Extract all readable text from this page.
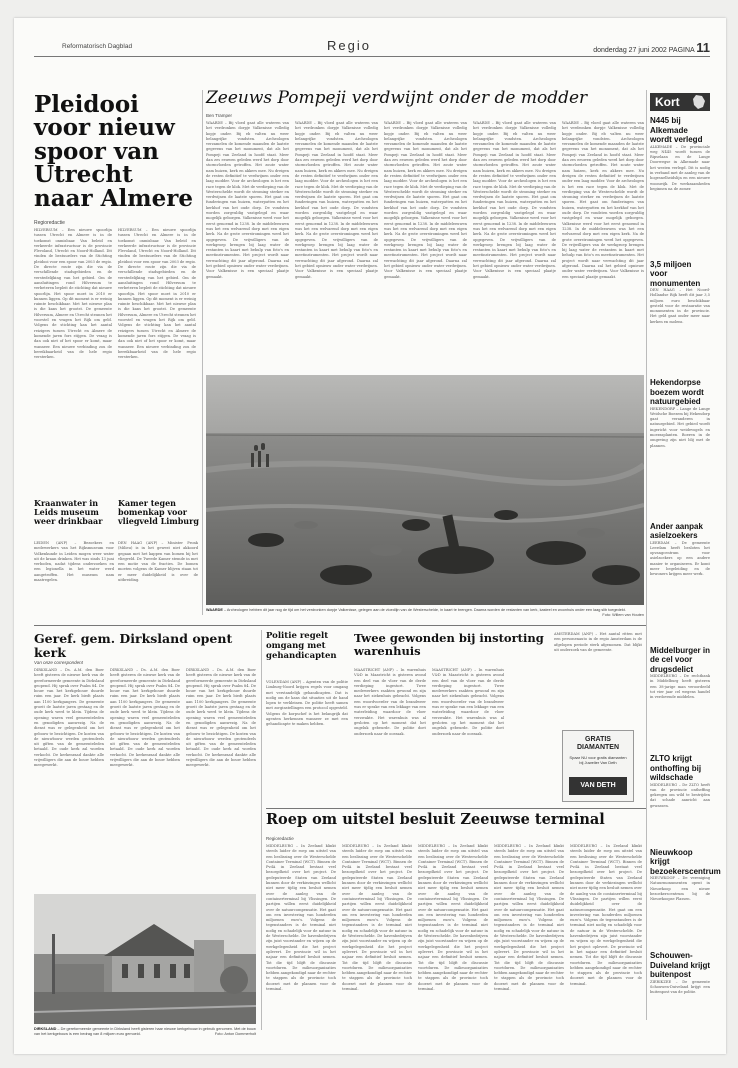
Reformatorisch Dagblad	Regio	donderdag 27 juni 2002 PAGINA 11
Pleidooi voor nieuw spoor van Utrecht naar Almere
Regioredactie

HILVERSUM – Een nieuwe spoorlijn tussen Utrecht en Almere is in de toekomst onmisbaar. Van beleid en verkeerde infrastructuur is de provincie Flevoland, Utrecht en Noord-Holland. Dit vinden de bestuurders van de Stichting pleidooi voor een spoor van 2003 de regio. De directe route zijn die via de verschillende stadsgebieden en de verstedelijking van het gebied. Om de aansluitingen rond Hilversum te verbeteren bepleit de stichting dat nieuwe spoorlijn. Het spoor moet in 2010 er kunnen liggen. Op dit moment is er weinig ruimte beschikbaar. Met het nieuwe plan is die kans het grootst. De gemeente Hilversum, Almere en Utrecht steunen het voorstel en vragen het Rijk om geld. Volgens de stichting kan het aantal reizigers tussen Utrecht en Almere de komende jaren fors stijgen. De vraag is dan ook niet of het spoor er komt, maar wanneer. Een nieuwe verbinding zou de bereikbaarheid van de hele regio versterken.

HILVERSUM – Een nieuwe spoorlijn tussen Utrecht en Almere is in de toekomst onmisbaar. Van beleid en verkeerde infrastructuur is de provincie Flevoland, Utrecht en Noord-Holland. Dit vinden de bestuurders van de Stichting pleidooi voor een spoor van 2003 de regio. De directe route zijn die via de verschillende stadsgebieden en de verstedelijking van het gebied. Om de aansluitingen rond Hilversum te verbeteren bepleit de stichting dat nieuwe spoorlijn. Het spoor moet in 2010 er kunnen liggen. Op dit moment is er weinig ruimte beschikbaar. Met het nieuwe plan is die kans het grootst. De gemeente Hilversum, Almere en Utrecht steunen het voorstel en vragen het Rijk om geld. Volgens de stichting kan het aantal reizigers tussen Utrecht en Almere de komende jaren fors stijgen. De vraag is dan ook niet of het spoor er komt, maar wanneer. Een nieuwe verbinding zou de bereikbaarheid van de hele regio versterken.

Kraanwater in Leids museum weer drinkbaar

LEIDEN (ANP) – Bezoekers en medewerkers van het Rijksmuseum voor Volkenkunde in Leiden mogen weer water uit de kraan drinken. Het was sinds 13 juni verboden, nadat tijdens onderzoeken en een legionella in het water werd aangetroffen. Het museum nam maatregelen.

Kamer tegen bomenkap voor vliegveld Limburg

DEN HAAG (ANP) – Minister Pronk (Milieu) is in het gewest niet akkoord gegaan met het kappen van bomen bij het vliegveld. De Tweede Kamer stemde in met een motie van de fracties. De bomen moeten volgens de Kamer blijven staan tot er meer duidelijkheid is over de uitbreiding.

Zeeuws Pompeji verdwijnt onder de modder
Ben Tramper

WAARDE – Bij vloed gaat alle wateren van het verdronken dorpje Valkenisse volledig kopje onder. Bij eb valten nu weer belangrijke vondsten. Archeologen verzamelen de komende maanden de laatste gegevens van het monument, dat als het Pompeji van Zeeland in hoofd staat. Meer dan zes eeuwen geleden werd het dorp door stormvloeden getroffen. Het zoute water nam huizen, kerk en akkers mee. Nu dreigen de resten definitief te verdwijnen onder een laag modder. Voor de archeologen is het een race tegen de klok. Met de verdieping van de Westerschelde wordt de stroming sterker en verdwijnen de laatste sporen. Het gaat om funderingen van huizen, waterputten en het kerkhof van het oude dorp. De vondsten worden zorgvuldig vastgelegd en waar mogelijk geborgen. Valkenisse werd voor het eerst genoemd in 1238. In de middeleeuwen was het een welvarend dorp met een eigen kerk. Na de grote overstromingen werd het opgegeven. De vrijwilligers van de werkgroep brengen bij laag water de restanten in kaart met behulp van foto's en meetinstrumenten. Het project wordt naar verwachting dit jaar afgerond. Daarna zal het gebied opnieuw onder water verdwijnen. Voor Valkenisse is een speciaal plaatje gemaakt.

WAARDE – Bij vloed gaat alle wateren van het verdronken dorpje Valkenisse volledig kopje onder. Bij eb valten nu weer belangrijke vondsten. Archeologen verzamelen de komende maanden de laatste gegevens van het monument, dat als het Pompeji van Zeeland in hoofd staat. Meer dan zes eeuwen geleden werd het dorp door stormvloeden getroffen. Het zoute water nam huizen, kerk en akkers mee. Nu dreigen de resten definitief te verdwijnen onder een laag modder. Voor de archeologen is het een race tegen de klok. Met de verdieping van de Westerschelde wordt de stroming sterker en verdwijnen de laatste sporen. Het gaat om funderingen van huizen, waterputten en het kerkhof van het oude dorp. De vondsten worden zorgvuldig vastgelegd en waar mogelijk geborgen. Valkenisse werd voor het eerst genoemd in 1238. In de middeleeuwen was het een welvarend dorp met een eigen kerk. Na de grote overstromingen werd het opgegeven. De vrijwilligers van de werkgroep brengen bij laag water de restanten in kaart met behulp van foto's en meetinstrumenten. Het project wordt naar verwachting dit jaar afgerond. Daarna zal het gebied opnieuw onder water verdwijnen. Voor Valkenisse is een speciaal plaatje gemaakt.

WAARDE – Bij vloed gaat alle wateren van het verdronken dorpje Valkenisse volledig kopje onder. Bij eb valten nu weer belangrijke vondsten. Archeologen verzamelen de komende maanden de laatste gegevens van het monument, dat als het Pompeji van Zeeland in hoofd staat. Meer dan zes eeuwen geleden werd het dorp door stormvloeden getroffen. Het zoute water nam huizen, kerk en akkers mee. Nu dreigen de resten definitief te verdwijnen onder een laag modder. Voor de archeologen is het een race tegen de klok. Met de verdieping van de Westerschelde wordt de stroming sterker en verdwijnen de laatste sporen. Het gaat om funderingen van huizen, waterputten en het kerkhof van het oude dorp. De vondsten worden zorgvuldig vastgelegd en waar mogelijk geborgen. Valkenisse werd voor het eerst genoemd in 1238. In de middeleeuwen was het een welvarend dorp met een eigen kerk. Na de grote overstromingen werd het opgegeven. De vrijwilligers van de werkgroep brengen bij laag water de restanten in kaart met behulp van foto's en meetinstrumenten. Het project wordt naar verwachting dit jaar afgerond. Daarna zal het gebied opnieuw onder water verdwijnen. Voor Valkenisse is een speciaal plaatje gemaakt.

WAARDE – Bij vloed gaat alle wateren van het verdronken dorpje Valkenisse volledig kopje onder. Bij eb valten nu weer belangrijke vondsten. Archeologen verzamelen de komende maanden de laatste gegevens van het monument, dat als het Pompeji van Zeeland in hoofd staat. Meer dan zes eeuwen geleden werd het dorp door stormvloeden getroffen. Het zoute water nam huizen, kerk en akkers mee. Nu dreigen de resten definitief te verdwijnen onder een laag modder. Voor de archeologen is het een race tegen de klok. Met de verdieping van de Westerschelde wordt de stroming sterker en verdwijnen de laatste sporen. Het gaat om funderingen van huizen, waterputten en het kerkhof van het oude dorp. De vondsten worden zorgvuldig vastgelegd en waar mogelijk geborgen. Valkenisse werd voor het eerst genoemd in 1238. In de middeleeuwen was het een welvarend dorp met een eigen kerk. Na de grote overstromingen werd het opgegeven. De vrijwilligers van de werkgroep brengen bij laag water de restanten in kaart met behulp van foto's en meetinstrumenten. Het project wordt naar verwachting dit jaar afgerond. Daarna zal het gebied opnieuw onder water verdwijnen. Voor Valkenisse is een speciaal plaatje gemaakt.

WAARDE – Bij vloed gaat alle wateren van het verdronken dorpje Valkenisse volledig kopje onder. Bij eb valten nu weer belangrijke vondsten. Archeologen verzamelen de komende maanden de laatste gegevens van het monument, dat als het Pompeji van Zeeland in hoofd staat. Meer dan zes eeuwen geleden werd het dorp door stormvloeden getroffen. Het zoute water nam huizen, kerk en akkers mee. Nu dreigen de resten definitief te verdwijnen onder een laag modder. Voor de archeologen is het een race tegen de klok. Met de verdieping van de Westerschelde wordt de stroming sterker en verdwijnen de laatste sporen. Het gaat om funderingen van huizen, waterputten en het kerkhof van het oude dorp. De vondsten worden zorgvuldig vastgelegd en waar mogelijk geborgen. Valkenisse werd voor het eerst genoemd in 1238. In de middeleeuwen was het een welvarend dorp met een eigen kerk. Na de grote overstromingen werd het opgegeven. De vrijwilligers van de werkgroep brengen bij laag water de restanten in kaart met behulp van foto's en meetinstrumenten. Het project wordt naar verwachting dit jaar afgerond. Daarna zal het gebied opnieuw onder water verdwijnen. Voor Valkenisse is een speciaal plaatje gemaakt.

WAARDE – Archeologen hebben dit jaar nog de tijd om het verdronken dorpje Valkenisse, gelegen aan de vloedlijn van de Westerschelde, in kaart te brengen. Daarna worden de restanten van kerk, kasteel en woonhuis onder een laag slib toegedekt.
Foto: Willem van Houten
Kort
N445 bij Alkemade wordt verlegd
ALKEMADE – De provinciale weg N445 wordt tussen de Ripselaan en de Lange Doorwegse in Alkemade naar het westen verlegd. Dit is nodig in verband met de aanleg van de hogesnelheidslijn en een nieuwe woonwijk. De werkzaamheden beginnen na de zomer.
3,5 miljoen voor monumenten
DEN HAAG – Het Noord-Hollandse Rijk heeft dit jaar 3,5 miljoen euro beschikbaar gesteld voor de restauratie van monumenten in de provincie. Het geld gaat onder meer naar kerken en molens.
Hekendorpse boezem wordt natuurgebied
HEKENDORP – Lange de Lange Weidsche Boezem bij Hekendorp gaat veranderen in natuurgebied. Het gebied wordt ingericht voor weidevogels en moerasplanten. Boeren in de omgeving zijn niet blij met de plannen.
Ander aanpak asielzoekers
LEERDAM – De gemeente Leerdam heeft besloten het opvangcentrum voor asielzoekers op een andere manier te organiseren. Er komt meer begeleiding en de bewoners krijgen meer werk.
Middelburger in de cel voor drugsdelict
MIDDELBURG – De rechtbank in Middelburg heeft gisteren een 38-jarige man veroordeeld tot vier jaar cel wegens handel in verdovende middelen.
ZLTO krijgt onthoffing bij wildschade
MIDDELBURG – De ZLTO heeft van de provincie ontheffing gekregen om wild te bestrijden dat schade aanricht aan gewassen.
Nieuwkoop krijgt bezoekerscentrum
NIEUWKOOP – De vereniging Natuurmonumenten opent in Nieuwkoop een nieuw bezoekerscentrum bij de Nieuwkoopse Plassen.
Schouwen-Duiveland krijgt buitenpost
ZIERIKZEE – De gemeente Schouwen-Duiveland krijgt een buitenpost van de politie.
Geref. gem. Dirksland opent kerk
Van onze correspondent

DIRKSLAND – Ds. A.M. den Boer heeft gisteren de nieuwe kerk van de gereformeerde gemeente in Dirksland geopend. Hij sprak over Psalm 84. De bouw van het kerkgebouw duurde ruim een jaar. De kerk biedt plaats aan 1100 kerkgangers. De gemeente groeit de laatste jaren gestaag en de oude kerk werd te klein. Tijdens de opening waren veel gemeenteleden en genodigden aanwezig. Na de dienst was er gelegenheid om het gebouw te bezichtigen. De kosten van de nieuwbouw werden grotendeels uit giften van de gemeenteleden betaald. De oude kerk zal worden verkocht. De kerkenraad dankte alle vrijwilligers die aan de bouw hebben meegewerkt.

DIRKSLAND – Ds. A.M. den Boer heeft gisteren de nieuwe kerk van de gereformeerde gemeente in Dirksland geopend. Hij sprak over Psalm 84. De bouw van het kerkgebouw duurde ruim een jaar. De kerk biedt plaats aan 1100 kerkgangers. De gemeente groeit de laatste jaren gestaag en de oude kerk werd te klein. Tijdens de opening waren veel gemeenteleden en genodigden aanwezig. Na de dienst was er gelegenheid om het gebouw te bezichtigen. De kosten van de nieuwbouw werden grotendeels uit giften van de gemeenteleden betaald. De oude kerk zal worden verkocht. De kerkenraad dankte alle vrijwilligers die aan de bouw hebben meegewerkt.

DIRKSLAND – Ds. A.M. den Boer heeft gisteren de nieuwe kerk van de gereformeerde gemeente in Dirksland geopend. Hij sprak over Psalm 84. De bouw van het kerkgebouw duurde ruim een jaar. De kerk biedt plaats aan 1100 kerkgangers. De gemeente groeit de laatste jaren gestaag en de oude kerk werd te klein. Tijdens de opening waren veel gemeenteleden en genodigden aanwezig. Na de dienst was er gelegenheid om het gebouw te bezichtigen. De kosten van de nieuwbouw werden grotendeels uit giften van de gemeenteleden betaald. De oude kerk zal worden verkocht. De kerkenraad dankte alle vrijwilligers die aan de bouw hebben meegewerkt.

Politie regelt omgang met gehandicapten

VOLENDAM (ANP) – Agenten van de politie Limburg-Noord krijgen regels voor omgang met verstandelijk gehandicapten. Dat is nodig om de kans dat situaties uit de hand lopen te verkleinen. De politie heeft samen met zorginstellingen een protocol opgesteld. Volgens de korpschef is het belangrijk dat agenten herkennen wanneer ze met een gehandicapte te maken hebben.

Twee gewonden bij instorting warenhuis

MAASTRICHT (ANP) – In warenhuis V&D in Maastricht is gisteren avond een deel van de vloer van de derde verdieping ingestort. Twee medewerkers raakten gewond en zijn naar het ziekenhuis gebracht. Volgens een woordvoerder van de brandweer was er sprake van een lekkage van een waterleiding waardoor de vloer verzwakte. Het warenhuis was al gesloten op het moment dat het ongeluk gebeurde. De politie doet onderzoek naar de oorzaak.

MAASTRICHT (ANP) – In warenhuis V&D in Maastricht is gisteren avond een deel van de vloer van de derde verdieping ingestort. Twee medewerkers raakten gewond en zijn naar het ziekenhuis gebracht. Volgens een woordvoerder van de brandweer was er sprake van een lekkage van een waterleiding waardoor de vloer verzwakte. Het warenhuis was al gesloten op het moment dat het ongeluk gebeurde. De politie doet onderzoek naar de oorzaak.

AMSTERDAM (ANP) – Het aantal ritten met een personenauto in de regio Amsterdam is de afgelopen periode sterk afgenomen. Dat blijkt uit onderzoek van de gemeente.

GRATIS DIAMANTEN
Spaar NU voor gratis diamanten bij Juwelier Van Deth
VAN DETH
Roep om uitstel besluit Zeeuwse terminal
Regioredactie

MIDDELBURG – In Zeeland klinkt steeds luider de roep om uitstel van een beslissing over de Westerschelde Container Terminal (WCT). Binnen de PvdA in Zeeland bestaat veel bezorgdheid over het project. De gedeputeerde Staten van Zeeland kunnen door de verkiezingen wellicht niet meer tijdig een besluit nemen over de aanleg van de containerterminal bij Vlissingen. De partijen willen eerst duidelijkheid over de natuurcompensatie. Het gaat om een investering van honderden miljoenen euro's. Volgens de tegenstanders is de terminal niet nodig en schadelijk voor de natuur in de Westerschelde. De havenbedrijven zijn juist voorstander en wijzen op de werkgelegenheid die het project oplevert. De provincie wil in het najaar een definitief besluit nemen. Tot die tijd blijft de discussie voortduren. De milieuorganisaties hebben aangekondigd naar de rechter te stappen als de provincie toch doorzet met de plannen voor de terminal.

MIDDELBURG – In Zeeland klinkt steeds luider de roep om uitstel van een beslissing over de Westerschelde Container Terminal (WCT). Binnen de PvdA in Zeeland bestaat veel bezorgdheid over het project. De gedeputeerde Staten van Zeeland kunnen door de verkiezingen wellicht niet meer tijdig een besluit nemen over de aanleg van de containerterminal bij Vlissingen. De partijen willen eerst duidelijkheid over de natuurcompensatie. Het gaat om een investering van honderden miljoenen euro's. Volgens de tegenstanders is de terminal niet nodig en schadelijk voor de natuur in de Westerschelde. De havenbedrijven zijn juist voorstander en wijzen op de werkgelegenheid die het project oplevert. De provincie wil in het najaar een definitief besluit nemen. Tot die tijd blijft de discussie voortduren. De milieuorganisaties hebben aangekondigd naar de rechter te stappen als de provincie toch doorzet met de plannen voor de terminal.

MIDDELBURG – In Zeeland klinkt steeds luider de roep om uitstel van een beslissing over de Westerschelde Container Terminal (WCT). Binnen de PvdA in Zeeland bestaat veel bezorgdheid over het project. De gedeputeerde Staten van Zeeland kunnen door de verkiezingen wellicht niet meer tijdig een besluit nemen over de aanleg van de containerterminal bij Vlissingen. De partijen willen eerst duidelijkheid over de natuurcompensatie. Het gaat om een investering van honderden miljoenen euro's. Volgens de tegenstanders is de terminal niet nodig en schadelijk voor de natuur in de Westerschelde. De havenbedrijven zijn juist voorstander en wijzen op de werkgelegenheid die het project oplevert. De provincie wil in het najaar een definitief besluit nemen. Tot die tijd blijft de discussie voortduren. De milieuorganisaties hebben aangekondigd naar de rechter te stappen als de provincie toch doorzet met de plannen voor de terminal.

MIDDELBURG – In Zeeland klinkt steeds luider de roep om uitstel van een beslissing over de Westerschelde Container Terminal (WCT). Binnen de PvdA in Zeeland bestaat veel bezorgdheid over het project. De gedeputeerde Staten van Zeeland kunnen door de verkiezingen wellicht niet meer tijdig een besluit nemen over de aanleg van de containerterminal bij Vlissingen. De partijen willen eerst duidelijkheid over de natuurcompensatie. Het gaat om een investering van honderden miljoenen euro's. Volgens de tegenstanders is de terminal niet nodig en schadelijk voor de natuur in de Westerschelde. De havenbedrijven zijn juist voorstander en wijzen op de werkgelegenheid die het project oplevert. De provincie wil in het najaar een definitief besluit nemen. Tot die tijd blijft de discussie voortduren. De milieuorganisaties hebben aangekondigd naar de rechter te stappen als de provincie toch doorzet met de plannen voor de terminal.

MIDDELBURG – In Zeeland klinkt steeds luider de roep om uitstel van een beslissing over de Westerschelde Container Terminal (WCT). Binnen de PvdA in Zeeland bestaat veel bezorgdheid over het project. De gedeputeerde Staten van Zeeland kunnen door de verkiezingen wellicht niet meer tijdig een besluit nemen over de aanleg van de containerterminal bij Vlissingen. De partijen willen eerst duidelijkheid over de natuurcompensatie. Het gaat om een investering van honderden miljoenen euro's. Volgens de tegenstanders is de terminal niet nodig en schadelijk voor de natuur in de Westerschelde. De havenbedrijven zijn juist voorstander en wijzen op de werkgelegenheid die het project oplevert. De provincie wil in het najaar een definitief besluit nemen. Tot die tijd blijft de discussie voortduren. De milieuorganisaties hebben aangekondigd naar de rechter te stappen als de provincie toch doorzet met de plannen voor de terminal.

DIRKSLAND – De gereformeerde gemeente in Dirksland heeft gisteren haar nieuwe kerkgebouw in gebruik genomen. Met de bouw van het kerkgebouw is een bedrag van 8 miljoen euro gemoeid.	Foto: Anton Dommerholt
